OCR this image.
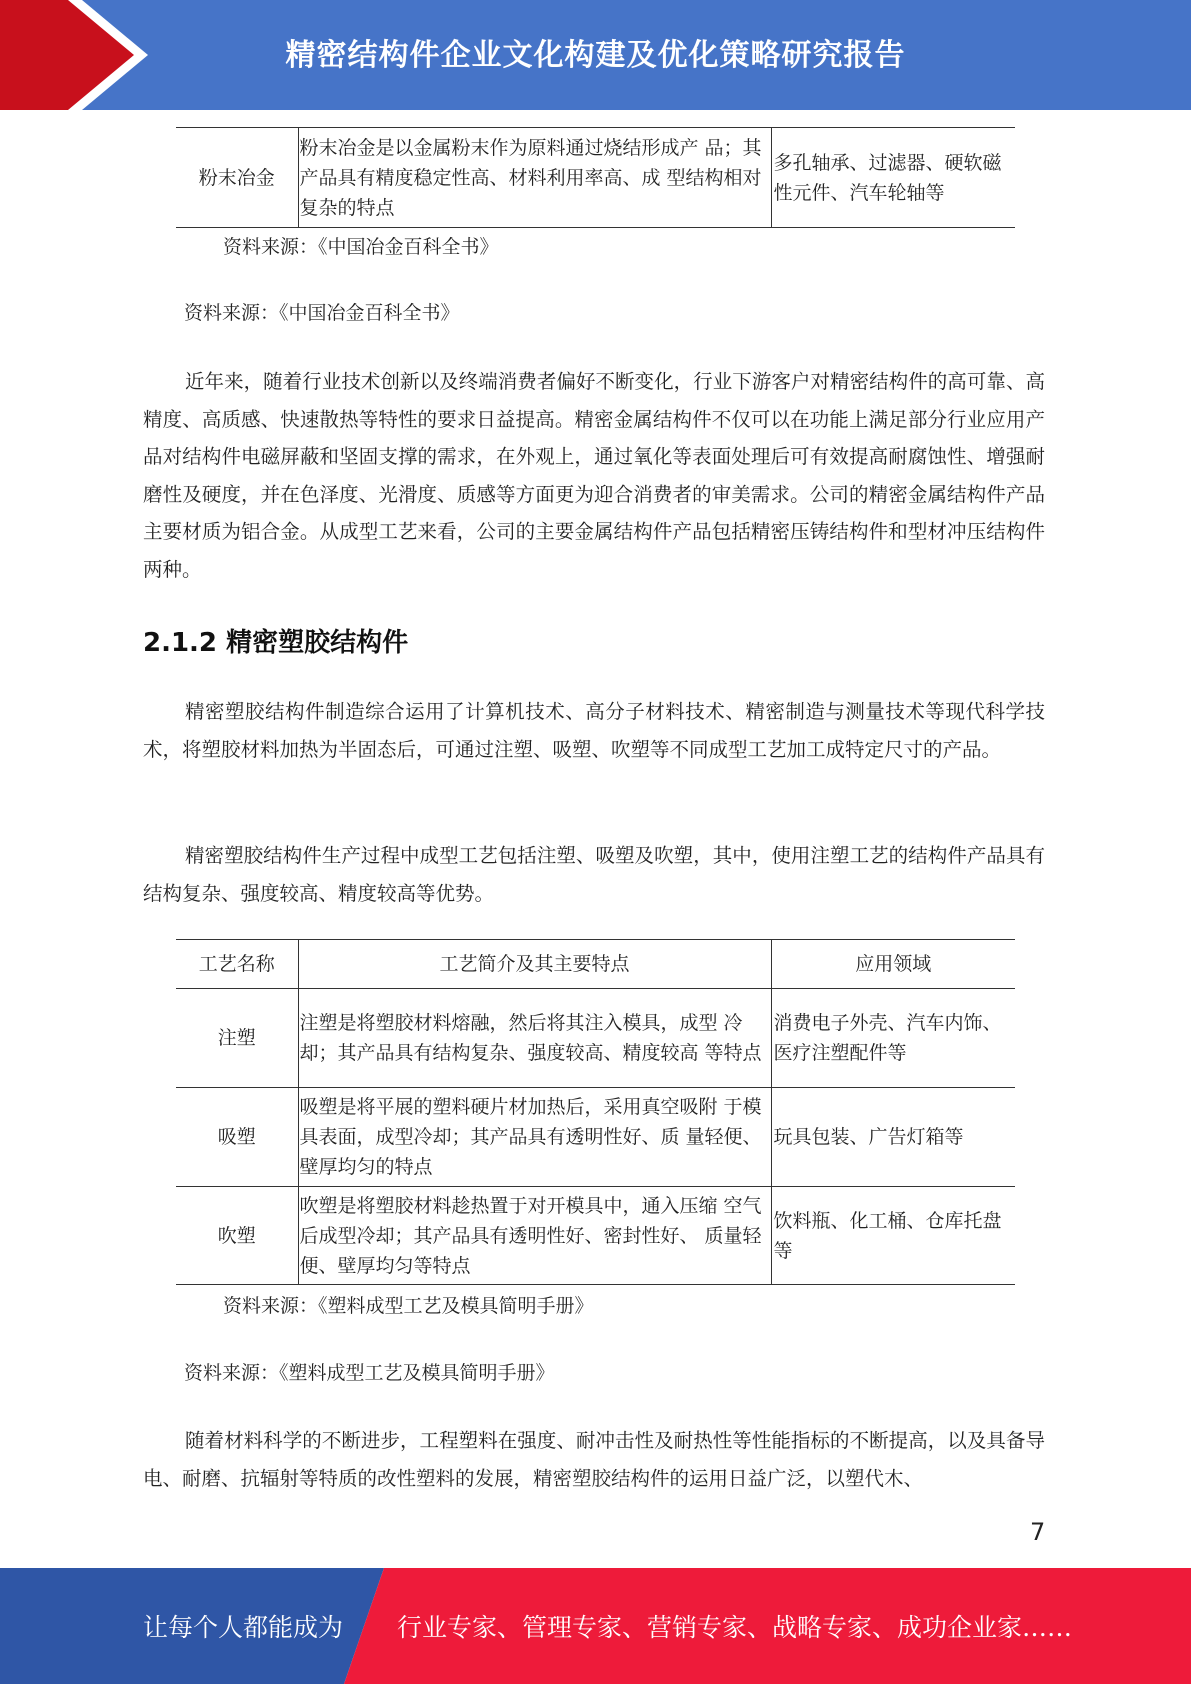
精密结构件企业文化构建及优化策略研究报告
粉末冶金	粉末冶金是以金属粉末作为原料通过烧结形成产 品；其产品具有精度稳定性高、材料利用率高、成 型结构相对复杂的特点	多孔轴承、过滤器、硬软磁性元件、汽车轮轴等
资料来源：《中国冶金百科全书》
资料来源：《中国冶金百科全书》
近年来，随着行业技术创新以及终端消费者偏好不断变化，行业下游客户对精密结构件的高可靠、高精度、高质感、快速散热等特性的要求日益提高。精密金属结构件不仅可以在功能上满足部分行业应用产品对结构件电磁屏蔽和坚固支撑的需求，在外观上，通过氧化等表面处理后可有效提高耐腐蚀性、增强耐磨性及硬度，并在色泽度、光滑度、质感等方面更为迎合消费者的审美需求。公司的精密金属结构件产品主要材质为铝合金。从成型工艺来看，公司的主要金属结构件产品包括精密压铸结构件和型材冲压结构件两种。
2.1.2 精密塑胶结构件
精密塑胶结构件制造综合运用了计算机技术、高分子材料技术、精密制造与测量技术等现代科学技术，将塑胶材料加热为半固态后，可通过注塑、吸塑、吹塑等不同成型工艺加工成特定尺寸的产品。
精密塑胶结构件生产过程中成型工艺包括注塑、吸塑及吹塑，其中，使用注塑工艺的结构件产品具有结构复杂、强度较高、精度较高等优势。
工艺名称	工艺简介及其主要特点	应用领域
注塑	注塑是将塑胶材料熔融，然后将其注入模具，成型 冷却；其产品具有结构复杂、强度较高、精度较高 等特点	消费电子外壳、汽车内饰、医疗注塑配件等
吸塑	吸塑是将平展的塑料硬片材加热后，采用真空吸附 于模具表面，成型冷却；其产品具有透明性好、质 量轻便、壁厚均匀的特点	玩具包装、广告灯箱等
吹塑	吹塑是将塑胶材料趁热置于对开模具中，通入压缩 空气后成型冷却；其产品具有透明性好、密封性好、 质量轻便、壁厚均匀等特点	饮料瓶、化工桶、仓库托盘等
资料来源：《塑料成型工艺及模具简明手册》
资料来源：《塑料成型工艺及模具简明手册》
随着材料科学的不断进步，工程塑料在强度、耐冲击性及耐热性等性能指标的不断提高，以及具备导电、耐磨、抗辐射等特质的改性塑料的发展，精密塑胶结构件的运用日益广泛，以塑代木、
7
让每个人都能成为 行业专家、管理专家、营销专家、战略专家、成功企业家……
